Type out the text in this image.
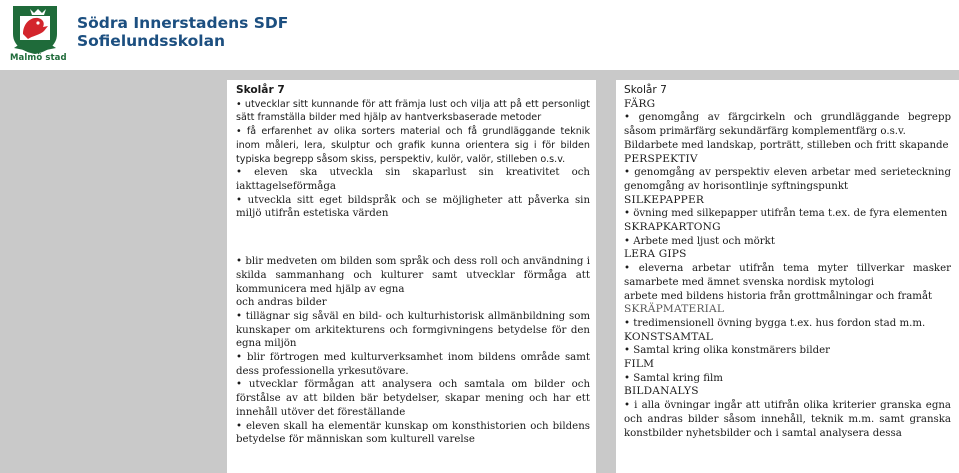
Malmö stad
Södra Innerstadens SDF
Sofielundsskolan
Skolår 7

• utvecklar sitt kunnande för att främja lust och vilja att på ett personligt sätt framställa bilder med hjälp av hantverksbaserade metoder

• få erfarenhet av olika sorters material och få grundläggande teknik inom måleri, lera, skulptur och grafik kunna orientera sig i för bilden typiska begrepp såsom skiss, perspektiv, kulör, valör, stilleben o.s.v.

• eleven ska utveckla sin skaparlust sin kreativitet och iakttagelseförmåga

• utveckla sitt eget bildspråk och se möjligheter att påverka sin miljö utifrån estetiska värden

• blir medveten om bilden som språk och dess roll och användning i skilda sammanhang och kulturer samt utvecklar förmåga att kommunicera med hjälp av egna

och andras bilder

• tillägnar sig såväl en bild- och kulturhistorisk allmänbildning som kunskaper om arkitekturens och formgivningens betydelse för den egna miljön

• blir förtrogen med kulturverksamhet inom bildens område samt dess professionella yrkesutövare.

• utvecklar förmågan att analysera och samtala om bilder och förstålse av att bilden bär betydelser, skapar mening och har ett innehåll utöver det föreställande

• eleven skall ha elementär kunskap om konsthistorien och bildens betydelse för människan som kulturell varelse

Skolår 7

FÄRG

• genomgång av färgcirkeln och grundläggande begrepp såsom primärfärg sekundärfärg komplementfärg o.s.v.

Bildarbete med landskap, porträtt, stilleben och fritt skapande

PERSPEKTIV

• genomgång av perspektiv eleven arbetar med serieteckning genomgång av horisontlinje syftningspunkt

SILKEPAPPER

• övning med silkepapper utifrån tema t.ex. de fyra elementen

SKRAPKARTONG

• Arbete med ljust och mörkt

LERA GIPS

• eleverna arbetar utifrån tema myter tillverkar masker samarbete med ämnet svenska nordisk mytologi

arbete med bildens historia från grottmålningar och framåt

SKRÄPMATERIAL

• tredimensionell övning bygga t.ex. hus fordon stad m.m.

KONSTSAMTAL

• Samtal kring olika konstmärers bilder

FILM

• Samtal kring film

BILDANALYS

• i alla övningar ingår att utifrån olika kriterier granska egna och andras bilder såsom innehåll, teknik m.m. samt granska konstbilder nyhetsbilder och i samtal analysera dessa
